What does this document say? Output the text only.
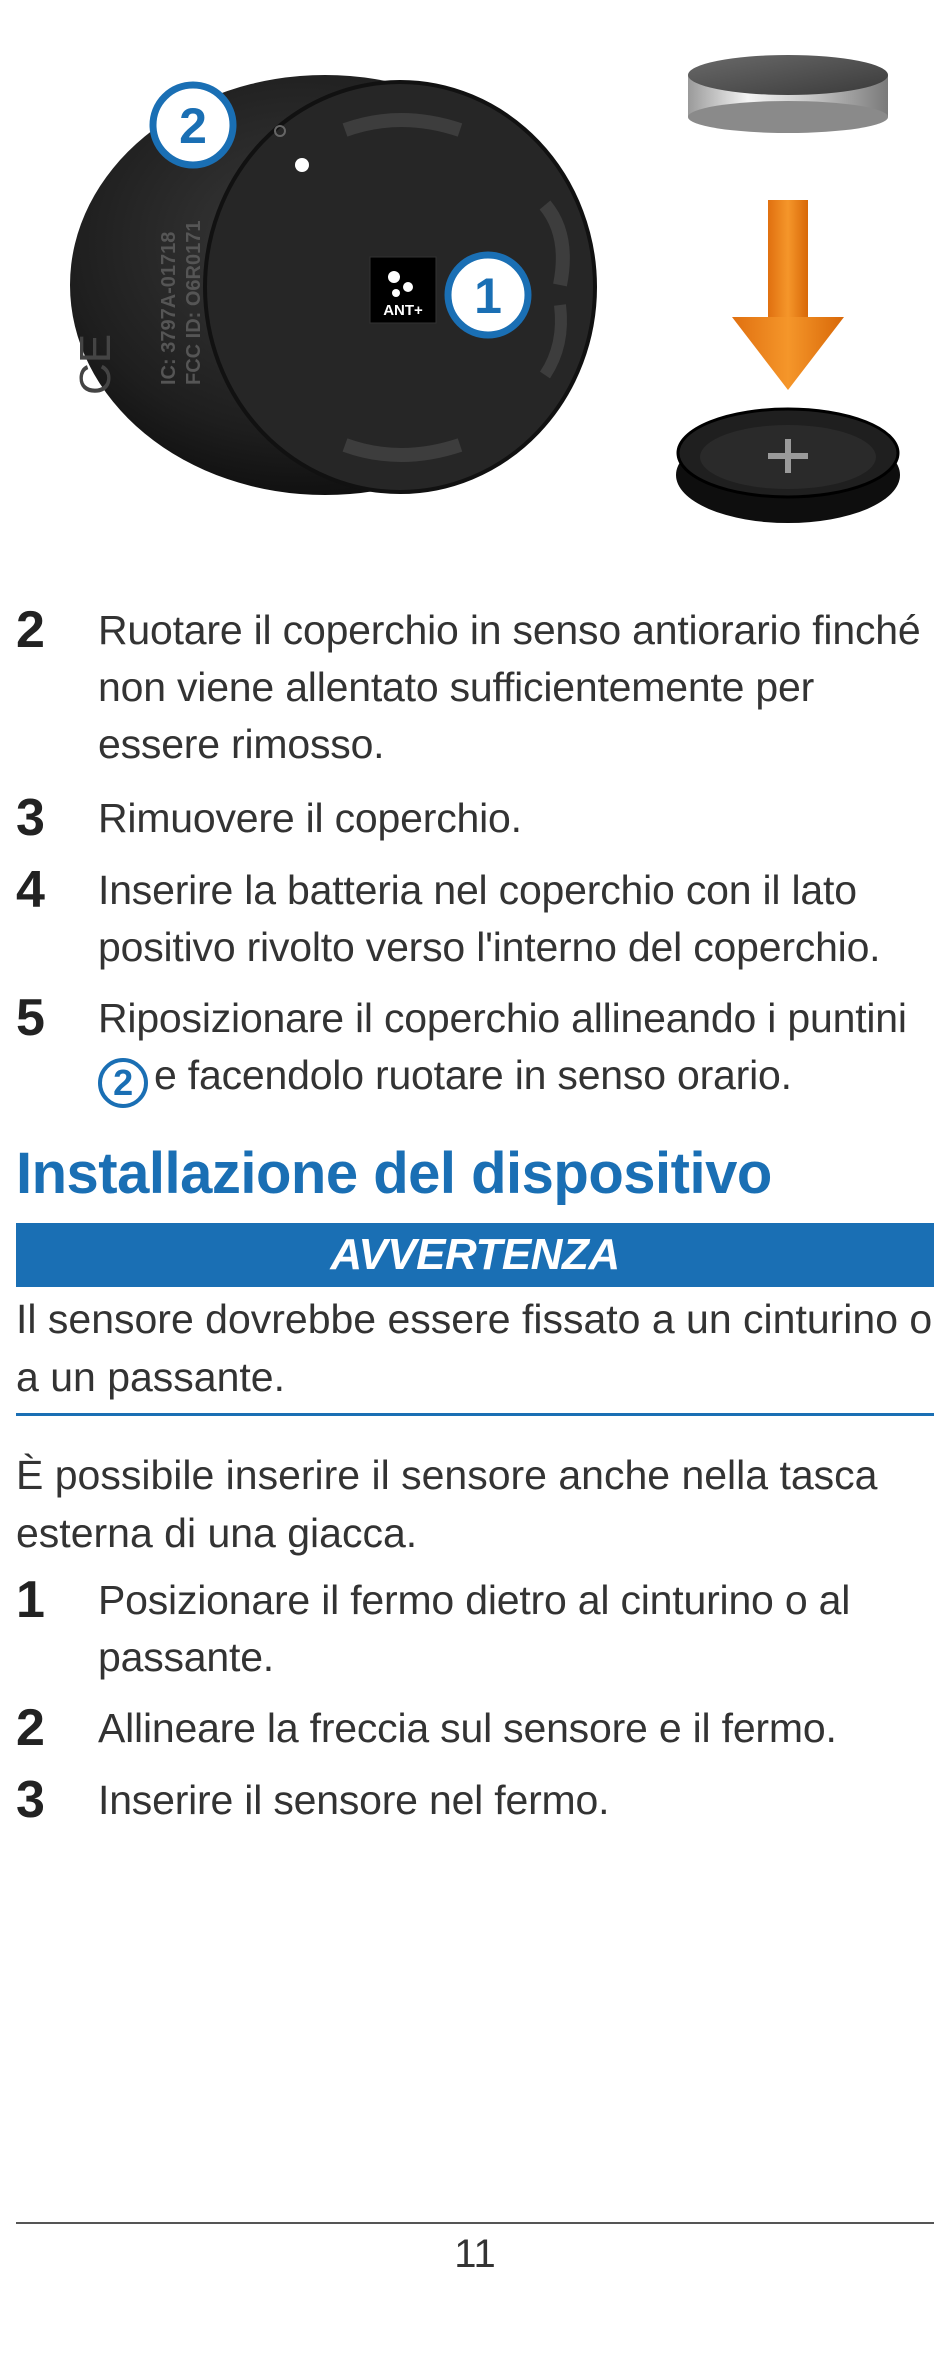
CE IC: 3797A-01718 FCC ID: O6R0171	ANT+ 1
2
2 Ruotare il coperchio in senso antiorario finché non viene allentato sufficientemente per essere rimosso.
3 Rimuovere il coperchio.
4 Inserire la batteria nel coperchio con il lato positivo rivolto verso l'interno del coperchio.
5 Riposizionare il coperchio allineando i puntini
2 e facendolo ruotare in senso orario.
Installazione del dispositivo
AVVERTENZA
Il sensore dovrebbe essere fissato a un cinturino o a un passante.
È possibile inserire il sensore anche nella tasca esterna di una giacca.
1 Posizionare il fermo dietro al cinturino o al passante.
2 Allineare la freccia sul sensore e il fermo.
3 Inserire il sensore nel fermo.
11
